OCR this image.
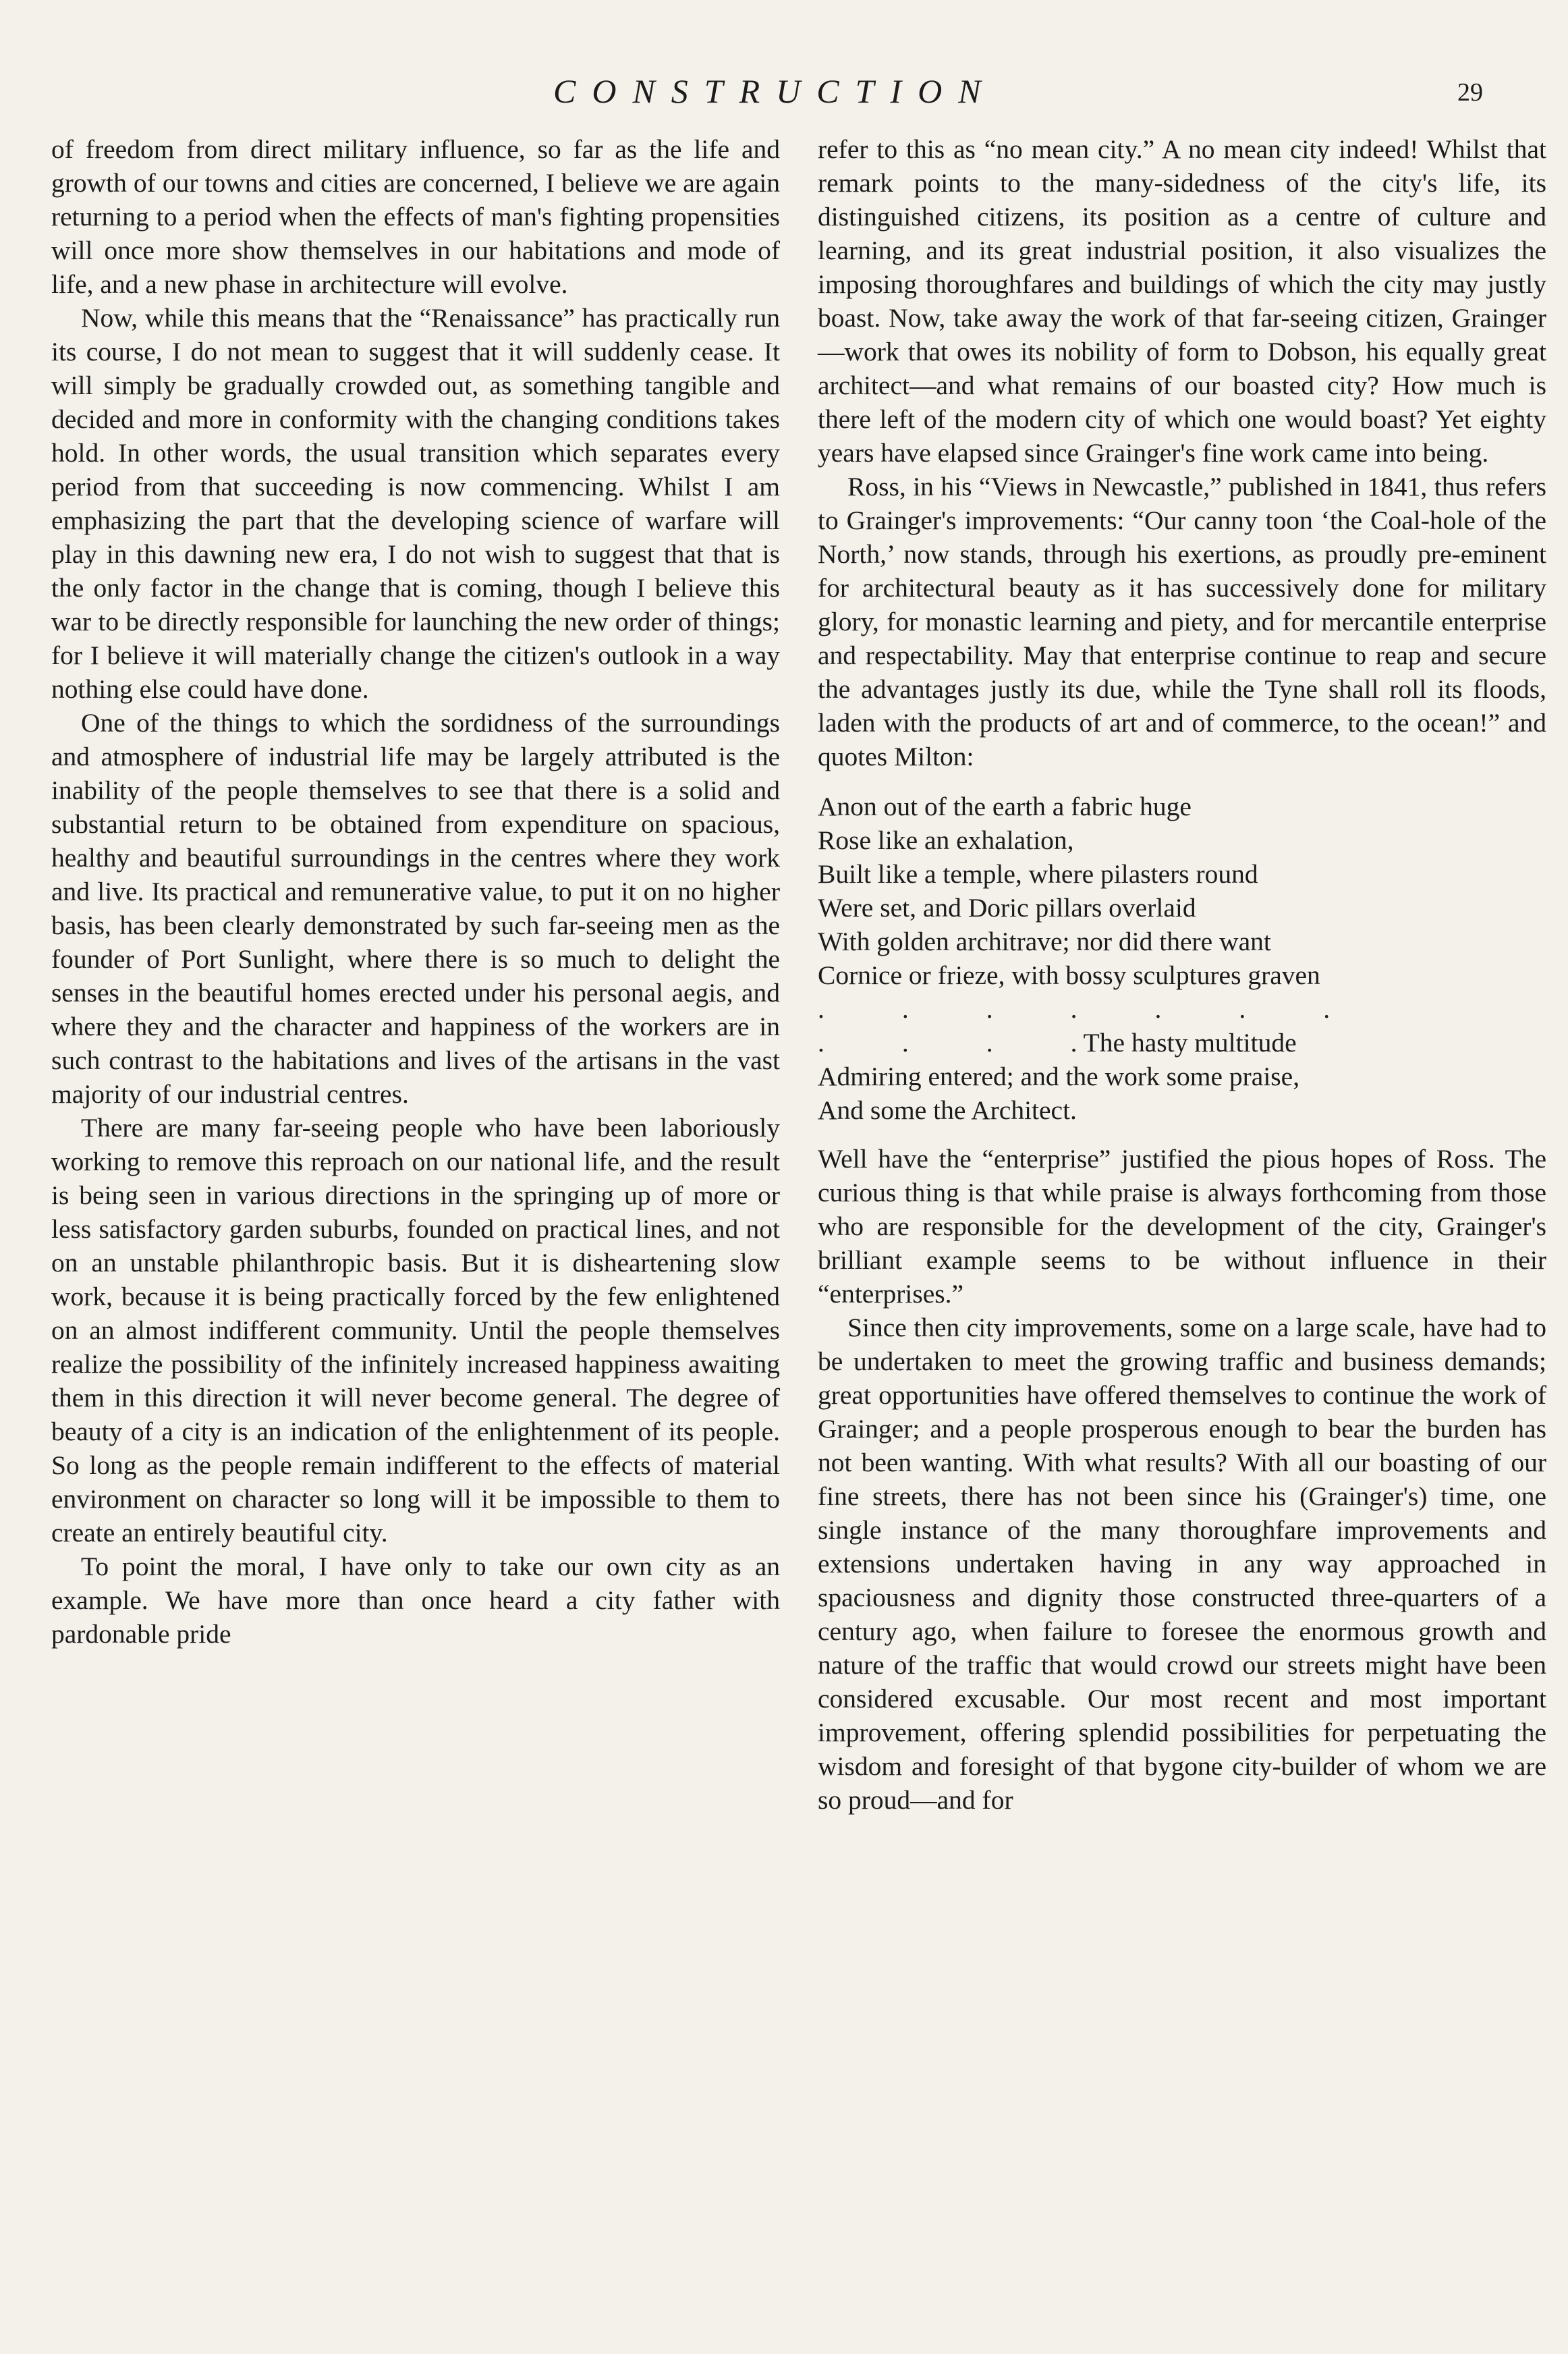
CONSTRUCTION	29

of freedom from direct military influence, so far as the life and growth of our towns and cities are concerned, I believe we are again returning to a period when the effects of man's fighting propensities will once more show themselves in our habitations and mode of life, and a new phase in architecture will evolve.

Now, while this means that the “Renaissance” has practically run its course, I do not mean to suggest that it will suddenly cease. It will simply be gradually crowded out, as something tangible and decided and more in conformity with the changing conditions takes hold. In other words, the usual transition which separates every period from that succeeding is now commencing. Whilst I am emphasizing the part that the developing science of warfare will play in this dawning new era, I do not wish to suggest that that is the only factor in the change that is coming, though I believe this war to be directly responsible for launching the new order of things; for I believe it will materially change the citizen's outlook in a way nothing else could have done.

One of the things to which the sordidness of the surroundings and atmosphere of industrial life may be largely attributed is the inability of the people themselves to see that there is a solid and substantial return to be obtained from expenditure on spacious, healthy and beautiful surroundings in the centres where they work and live. Its practical and remunerative value, to put it on no higher basis, has been clearly demonstrated by such far-seeing men as the founder of Port Sunlight, where there is so much to delight the senses in the beautiful homes erected under his personal aegis, and where they and the character and happiness of the workers are in such contrast to the habitations and lives of the artisans in the vast majority of our industrial centres.

There are many far-seeing people who have been laboriously working to remove this reproach on our national life, and the result is being seen in various directions in the springing up of more or less satisfactory garden suburbs, founded on practical lines, and not on an unstable philanthropic basis. But it is disheartening slow work, because it is being practically forced by the few enlightened on an almost indifferent community. Until the people themselves realize the possibility of the infinitely increased happiness awaiting them in this direction it will never become general. The degree of beauty of a city is an indication of the enlightenment of its people. So long as the people remain indifferent to the effects of material environment on character so long will it be impossible to them to create an entirely beautiful city.

To point the moral, I have only to take our own city as an example. We have more than once heard a city father with pardonable pride

refer to this as “no mean city.” A no mean city indeed! Whilst that remark points to the many-sidedness of the city's life, its distinguished citizens, its position as a centre of culture and learning, and its great industrial position, it also visualizes the imposing thoroughfares and buildings of which the city may justly boast. Now, take away the work of that far-seeing citizen, Grainger—work that owes its nobility of form to Dobson, his equally great architect—and what remains of our boasted city? How much is there left of the modern city of which one would boast? Yet eighty years have elapsed since Grainger's fine work came into being.

Ross, in his “Views in Newcastle,” published in 1841, thus refers to Grainger's improvements: “Our canny toon ‘the Coal-hole of the North,’ now stands, through his exertions, as proudly pre-eminent for architectural beauty as it has successively done for military glory, for monastic learning and piety, and for mercantile enterprise and respectability. May that enterprise continue to reap and secure the advantages justly its due, while the Tyne shall roll its floods, laden with the products of art and of commerce, to the ocean!” and quotes Milton:

Anon out of the earth a fabric huge
Rose like an exhalation,
Built like a temple, where pilasters round
Were set, and Doric pillars overlaid
With golden architrave; nor did there want
Cornice or frieze, with bossy sculptures graven
.        .        .        .        .        .        .
.        .        .        . The hasty multitude
Admiring entered; and the work some praise,
And some the Architect.

Well have the “enterprise” justified the pious hopes of Ross. The curious thing is that while praise is always forthcoming from those who are responsible for the development of the city, Grainger's brilliant example seems to be without influence in their “enterprises.”

Since then city improvements, some on a large scale, have had to be undertaken to meet the growing traffic and business demands; great opportunities have offered themselves to continue the work of Grainger; and a people prosperous enough to bear the burden has not been wanting. With what results? With all our boasting of our fine streets, there has not been since his (Grainger's) time, one single instance of the many thoroughfare improvements and extensions undertaken having in any way approached in spaciousness and dignity those constructed three-quarters of a century ago, when failure to foresee the enormous growth and nature of the traffic that would crowd our streets might have been considered excusable. Our most recent and most important improvement, offering splendid possibilities for perpetuating the wisdom and foresight of that bygone city-builder of whom we are so proud—and for
